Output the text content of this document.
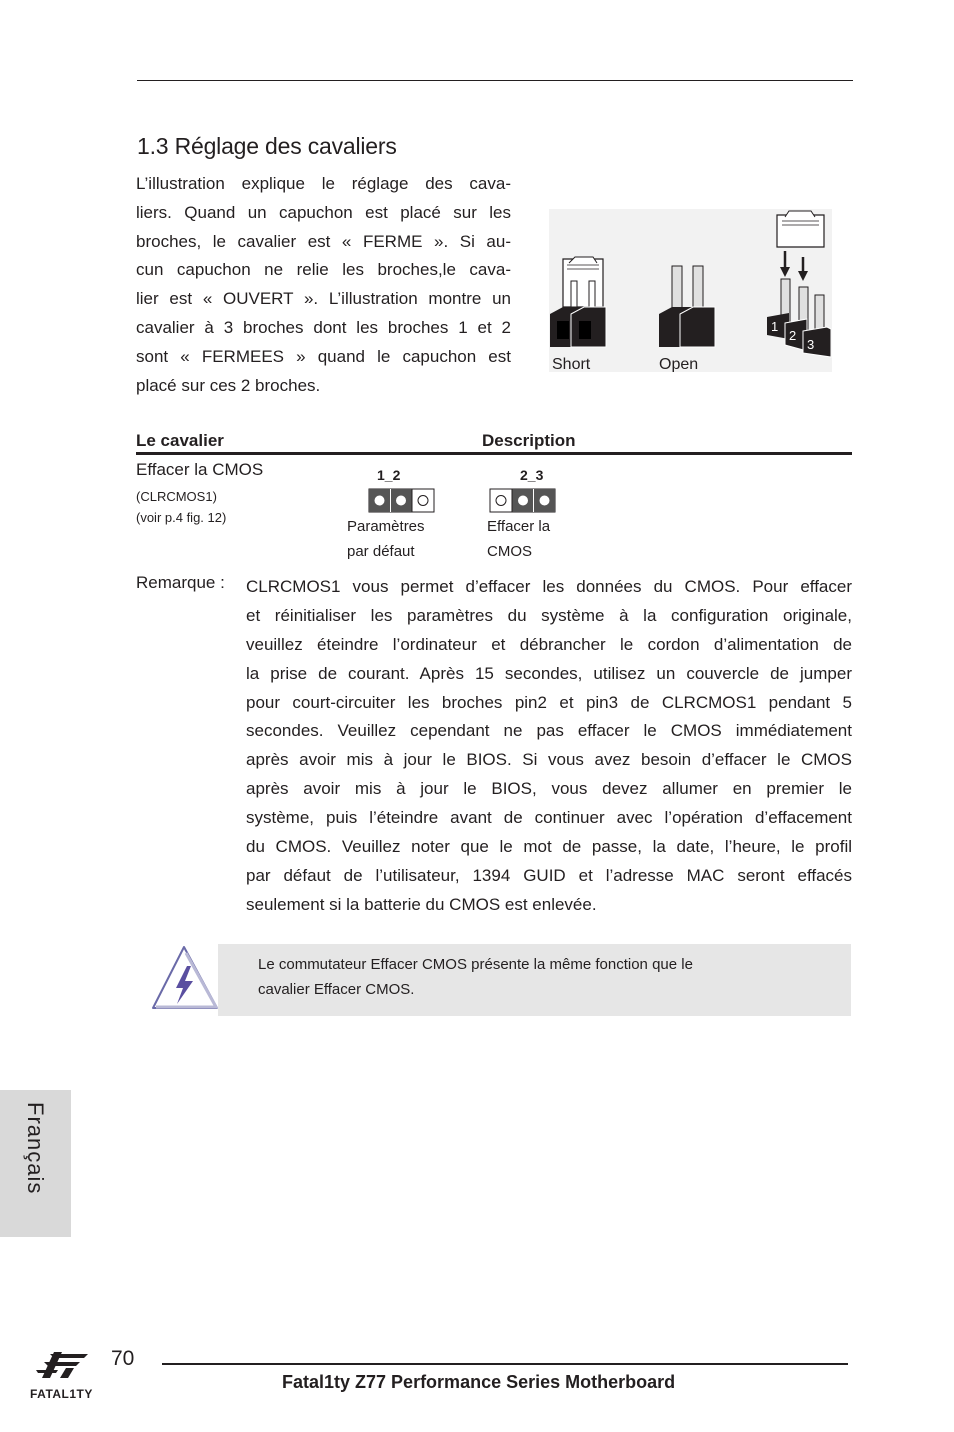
1.3 Réglage des cavaliers
L’illustration explique le réglage des cava-
liers. Quand un capuchon est placé sur les
broches, le cavalier est « FERME ». Si au-
cun capuchon ne relie les broches,le cava-
lier est « OUVERT ». L’illustration montre un
cavalier à 3 broches dont les broches 1 et 2
sont « FERMEES » quand le capuchon est
placé sur ces 2 broches.
1
2
3
Short	Open
Le cavalier	Description
Effacer la CMOS
(CLRCMOS1)
(voir p.4 fig. 12)
1_2
Paramètres
par défaut
2_3
Effacer la
CMOS
Remarque : CLRCMOS1 vous permet d’effacer les données du CMOS. Pour effacer
et réinitialiser les paramètres du système à la configuration originale,
veuillez éteindre l’ordinateur et débrancher le cordon d’alimentation de
la prise de courant. Après 15 secondes, utilisez un couvercle de jumper
pour court-circuiter les broches pin2 et pin3 de CLRCMOS1 pendant 5
secondes. Veuillez cependant ne pas effacer le CMOS immédiatement
après avoir mis à jour le BIOS. Si vous avez besoin d’effacer le CMOS
après avoir mis à jour le BIOS, vous devez allumer en premier le
système, puis l’éteindre avant de continuer avec l’opération d’effacement
du CMOS. Veuillez noter que le mot de passe, la date, l’heure, le profil
par défaut de l’utilisateur, 1394 GUID et l’adresse MAC seront effacés
seulement si la batterie du CMOS est enlevée.
Le commutateur Effacer CMOS présente la même fonction que le
cavalier Effacer CMOS.
Français
FATAL1TY
70
Fatal1ty Z77 Performance Series Motherboard
